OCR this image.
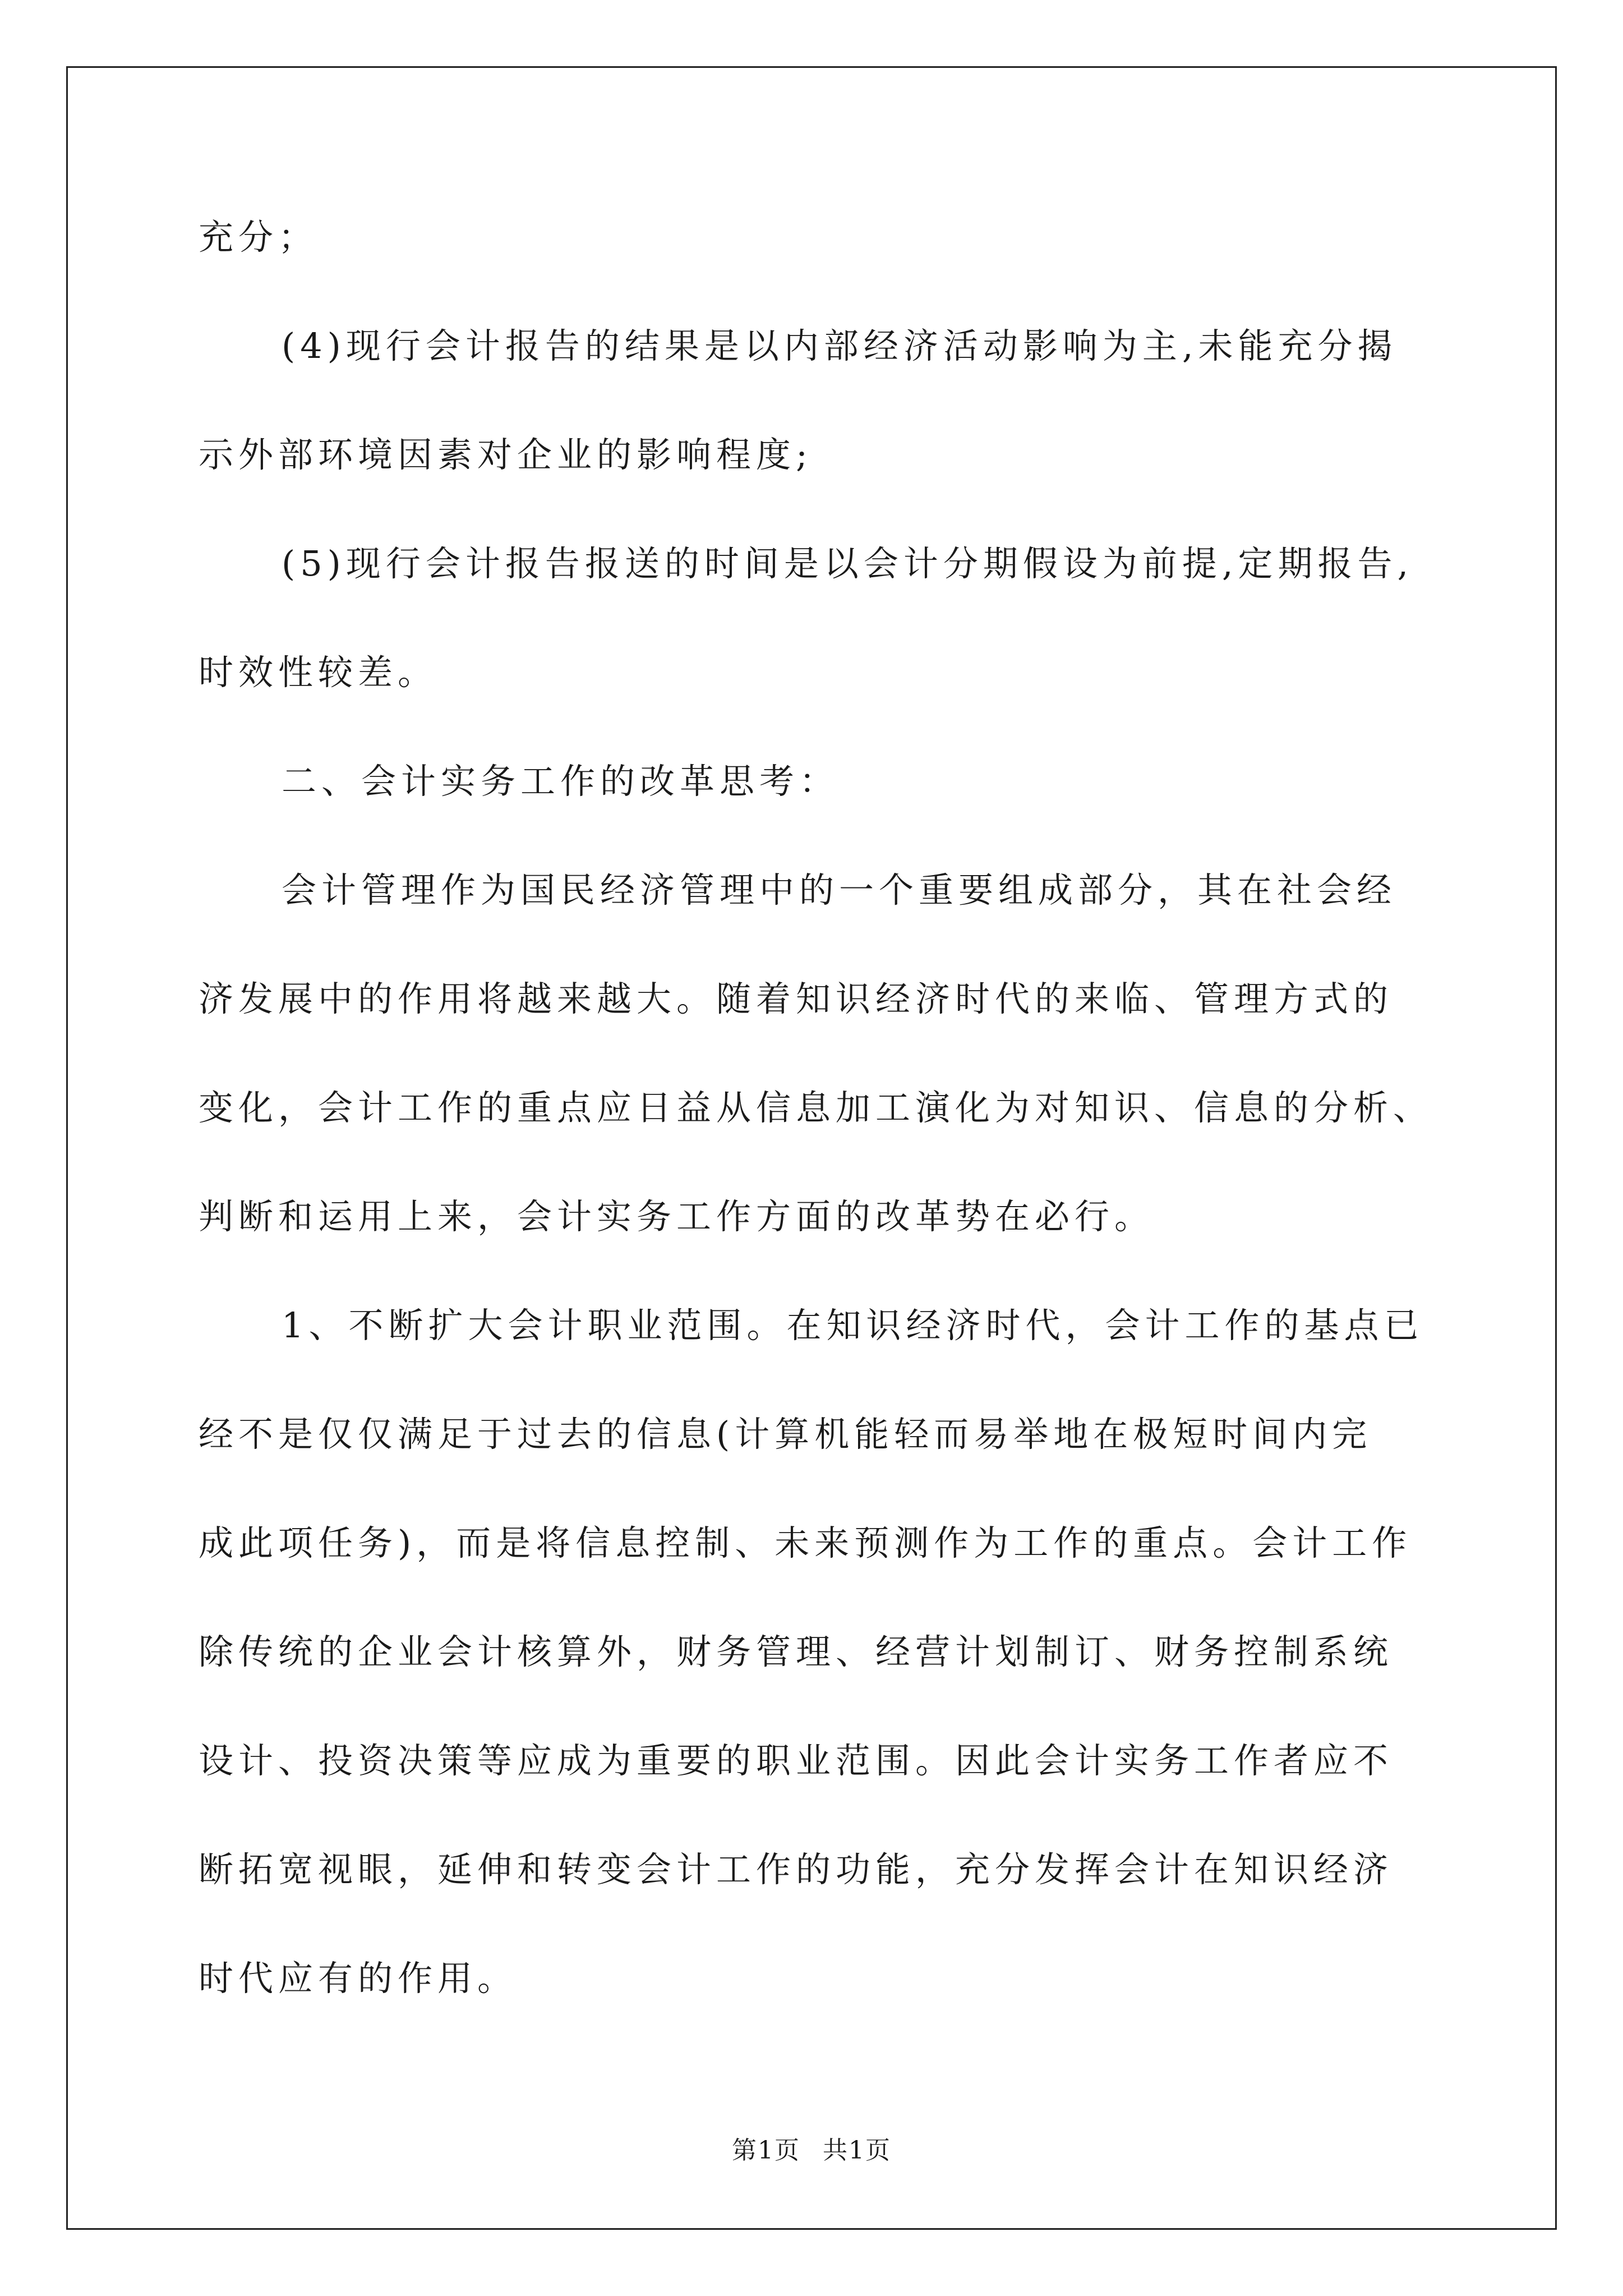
充分；
(4)现行会计报告的结果是以内部经济活动影响为主,未能充分揭
示外部环境因素对企业的影响程度;
(5)现行会计报告报送的时间是以会计分期假设为前提,定期报告,
时效性较差。
二、会计实务工作的改革思考：
会计管理作为国民经济管理中的一个重要组成部分，其在社会经
济发展中的作用将越来越大。随着知识经济时代的来临、管理方式的
变化，会计工作的重点应日益从信息加工演化为对知识、信息的分析、
判断和运用上来，会计实务工作方面的改革势在必行。
1、不断扩大会计职业范围。在知识经济时代，会计工作的基点已
经不是仅仅满足于过去的信息(计算机能轻而易举地在极短时间内完
成此项任务)，而是将信息控制、未来预测作为工作的重点。会计工作
除传统的企业会计核算外，财务管理、经营计划制订、财务控制系统
设计、投资决策等应成为重要的职业范围。因此会计实务工作者应不
断拓宽视眼，延伸和转变会计工作的功能，充分发挥会计在知识经济
时代应有的作用。
第1页 共1页
